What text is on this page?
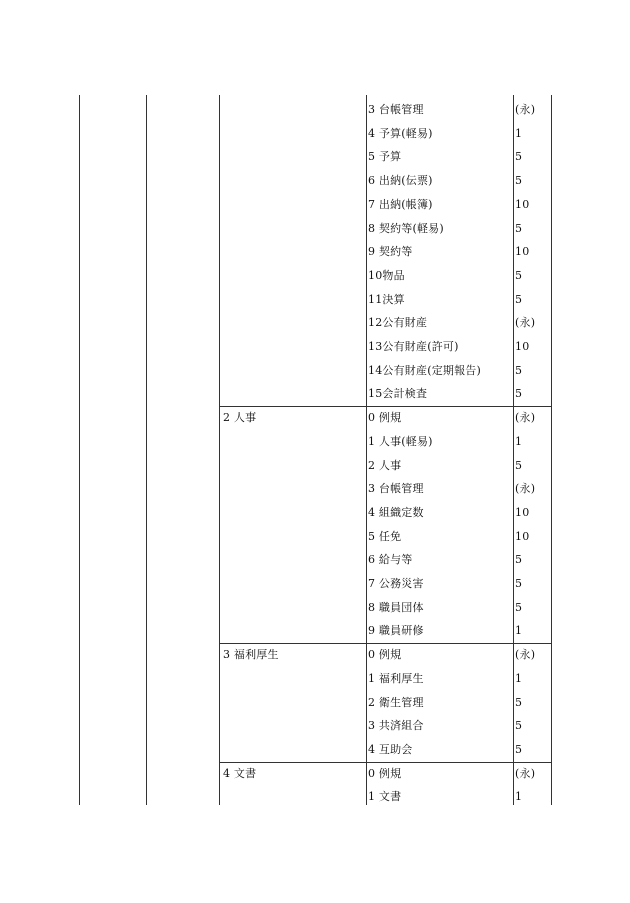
3 台帳管理	(永)
4 予算(軽易)	1
5 予算	5
6 出納(伝票)	5
7 出納(帳簿)	10
8 契約等(軽易)	5
9 契約等	10
10物品	5
11決算	5
12公有財産	(永)
13公有財産(許可)	10
14公有財産(定期報告)	5
15会計検査	5
2 人事	0 例規	(永)
1 人事(軽易)	1
2 人事	5
3 台帳管理	(永)
4 組織定数	10
5 任免	10
6 給与等	5
7 公務災害	5
8 職員団体	5
9 職員研修	1
3 福利厚生	0 例規	(永)
1 福利厚生	1
2 衛生管理	5
3 共済組合	5
4 互助会	5
4 文書	0 例規	(永)
1 文書	1
